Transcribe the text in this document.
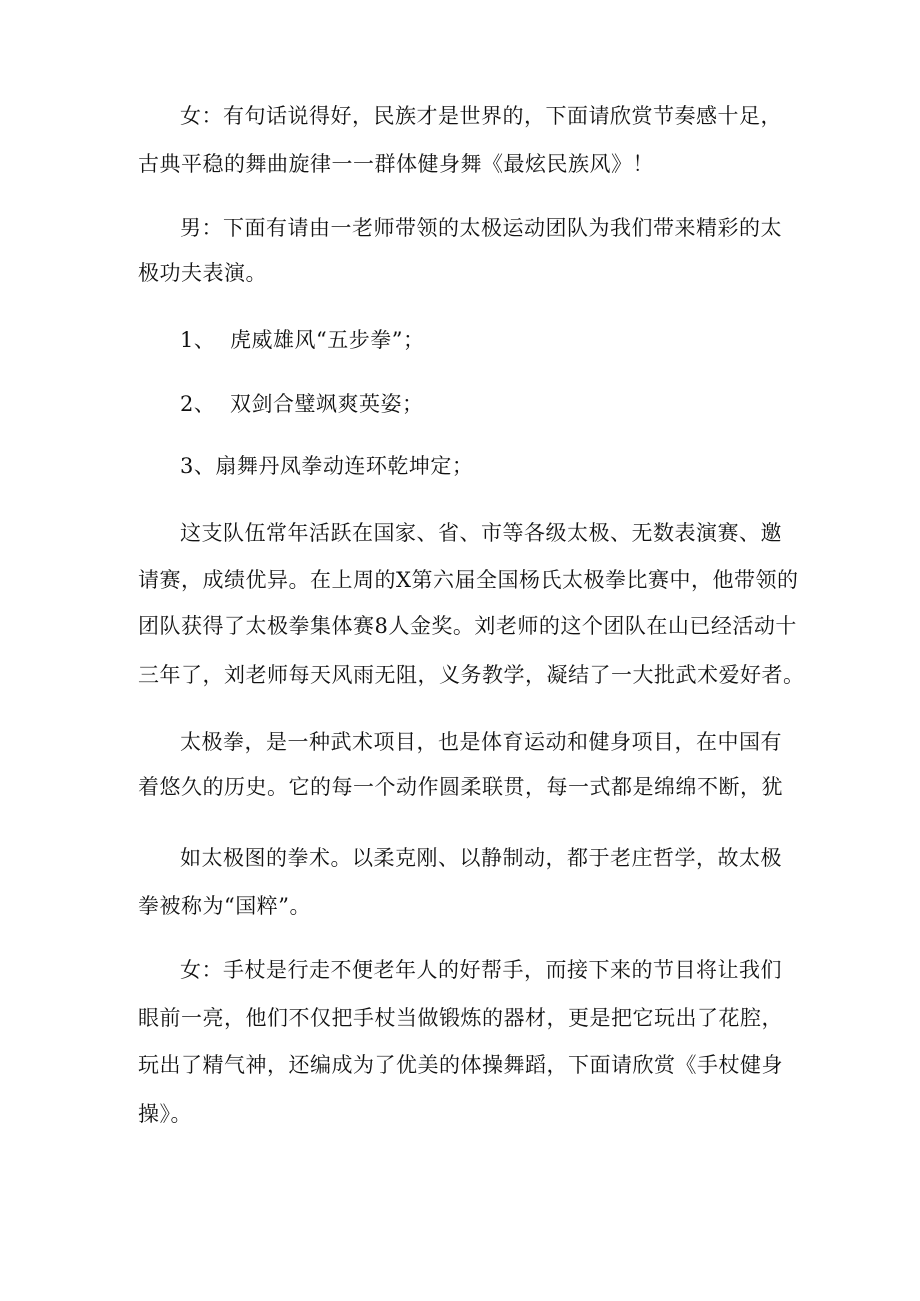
女：有句话说得好，民族才是世界的，下面请欣赏节奏感十足，
古典平稳的舞曲旋律一一群体健身舞《最炫民族风》！
男：下面有请由一老师带领的太极运动团队为我们带来精彩的太
极功夫表演。
1、 虎威雄风“五步拳”；
2、 双剑合璧飒爽英姿；
3、扇舞丹凤拳动连环乾坤定；
这支队伍常年活跃在国家、省、市等各级太极、无数表演赛、邀
请赛，成绩优异。在上周的X第六届全国杨氏太极拳比赛中，他带领的
团队获得了太极拳集体赛8人金奖。刘老师的这个团队在山已经活动十
三年了，刘老师每天风雨无阻，义务教学，凝结了一大批武术爱好者。
太极拳，是一种武术项目，也是体育运动和健身项目，在中国有
着悠久的历史。它的每一个动作圆柔联贯，每一式都是绵绵不断，犹
如太极图的拳术。以柔克刚、以静制动，都于老庄哲学，故太极
拳被称为“国粹”。
女：手杖是行走不便老年人的好帮手，而接下来的节目将让我们
眼前一亮，他们不仅把手杖当做锻炼的器材，更是把它玩出了花腔，
玩出了精气神，还编成为了优美的体操舞蹈，下面请欣赏《手杖健身
操》。
